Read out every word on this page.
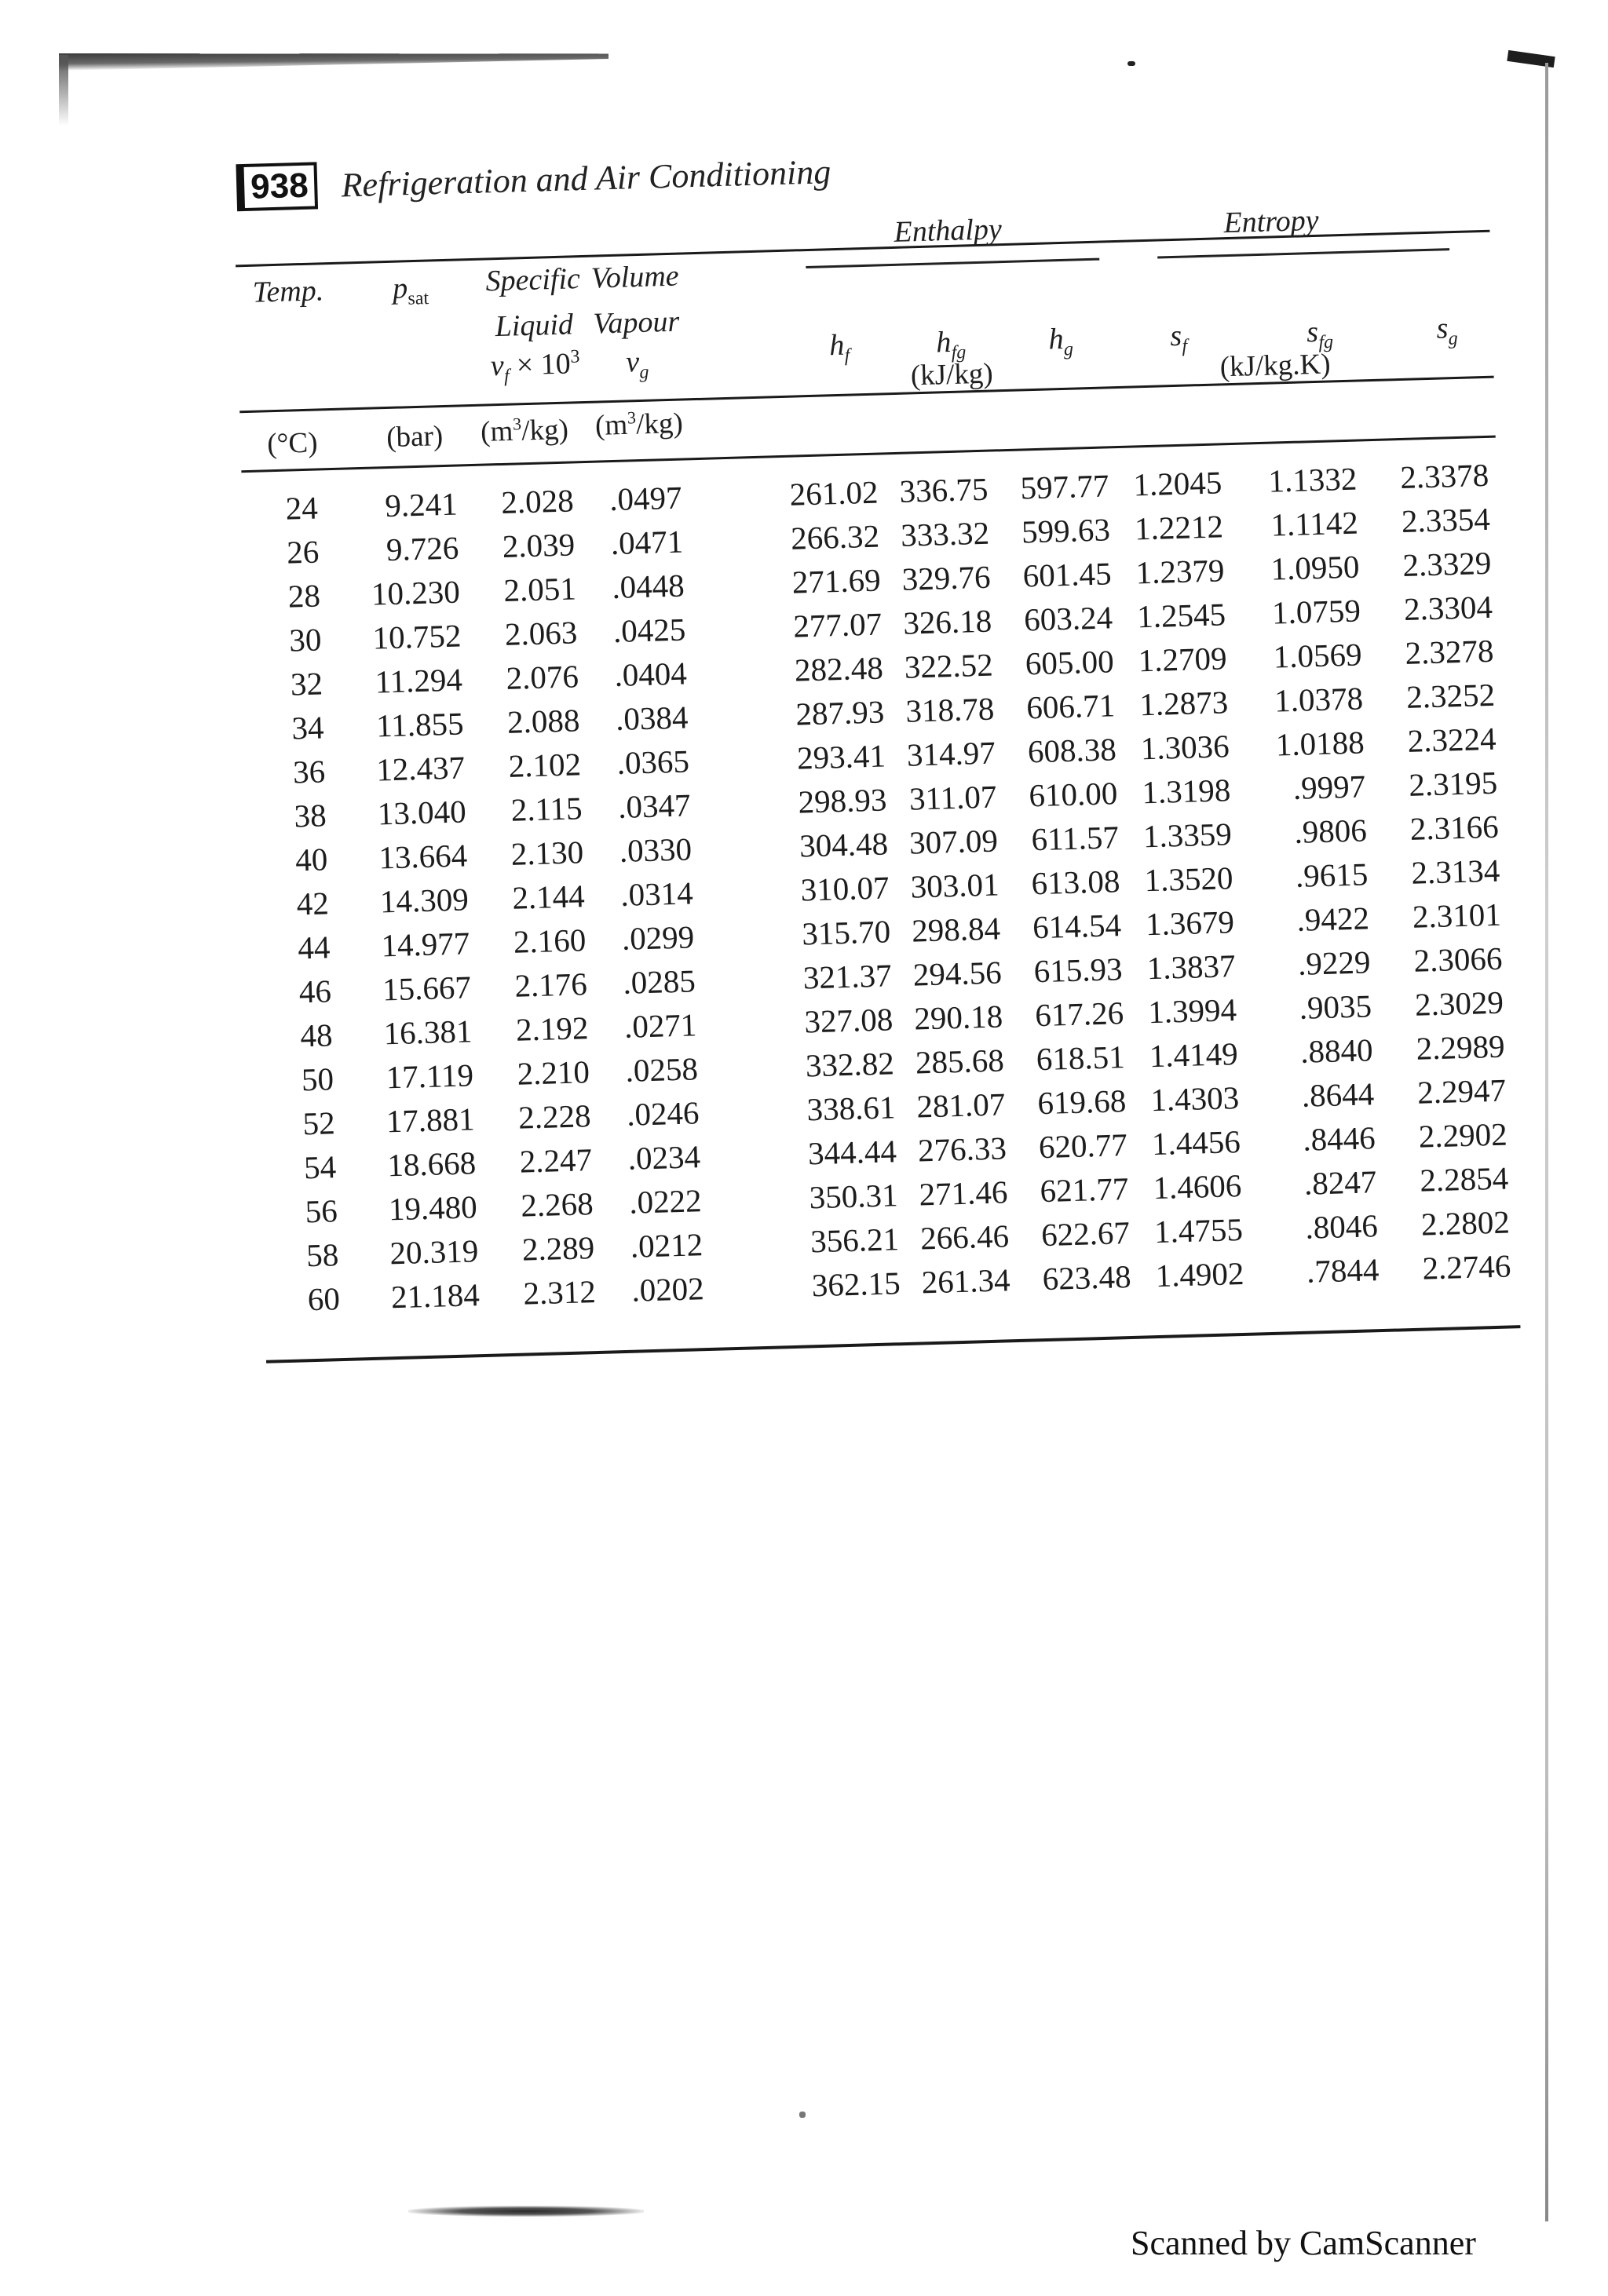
938 Refrigeration and Air Conditioning
Enthalpy	Entropy
Temp. $p_{sat}$
Specific Volume
Liquid Vapour
$v_f \times 10^3$ $v_g$
$h_f$	$h_{fg}$	$h_g$	$s_f$	$s_{fg}$	$s_g$
(kJ/kg)	(kJ/kg.K)
(°C) (bar) $(m^3/kg)$ $(m^3/kg)$
24 9.241 2.028 .0497	261.02 336.75 597.77 1.2045 1.1332 2.3378
26 9.726 2.039 .0471	266.32 333.32 599.63 1.2212 1.1142 2.3354
28 10.230 2.051 .0448	271.69 329.76 601.45 1.2379 1.0950 2.3329
30 10.752 2.063 .0425	277.07 326.18 603.24 1.2545 1.0759 2.3304
32 11.294 2.076 .0404	282.48 322.52 605.00 1.2709 1.0569 2.3278
34 11.855 2.088 .0384	287.93 318.78 606.71 1.2873 1.0378 2.3252
36 12.437 2.102 .0365	293.41 314.97 608.38 1.3036 1.0188 2.3224
38 13.040 2.115 .0347	298.93 311.07 610.00 1.3198 .9997 2.3195
40 13.664 2.130 .0330	304.48 307.09 611.57 1.3359 .9806 2.3166
42 14.309 2.144 .0314	310.07 303.01 613.08 1.3520 .9615 2.3134
44 14.977 2.160 .0299	315.70 298.84 614.54 1.3679 .9422 2.3101
46 15.667 2.176 .0285	321.37 294.56 615.93 1.3837 .9229 2.3066
48 16.381 2.192 .0271	327.08 290.18 617.26 1.3994 .9035 2.3029
50 17.119 2.210 .0258	332.82 285.68 618.51 1.4149 .8840 2.2989
52 17.881 2.228 .0246	338.61 281.07 619.68 1.4303 .8644 2.2947
54 18.668 2.247 .0234	344.44 276.33 620.77 1.4456 .8446 2.2902
56 19.480 2.268 .0222	350.31 271.46 621.77 1.4606 .8247 2.2854
58 20.319 2.289 .0212	356.21 266.46 622.67 1.4755 .8046 2.2802
60 21.184 2.312 .0202	362.15 261.34 623.48 1.4902 .7844 2.2746
Scanned by CamScanner
